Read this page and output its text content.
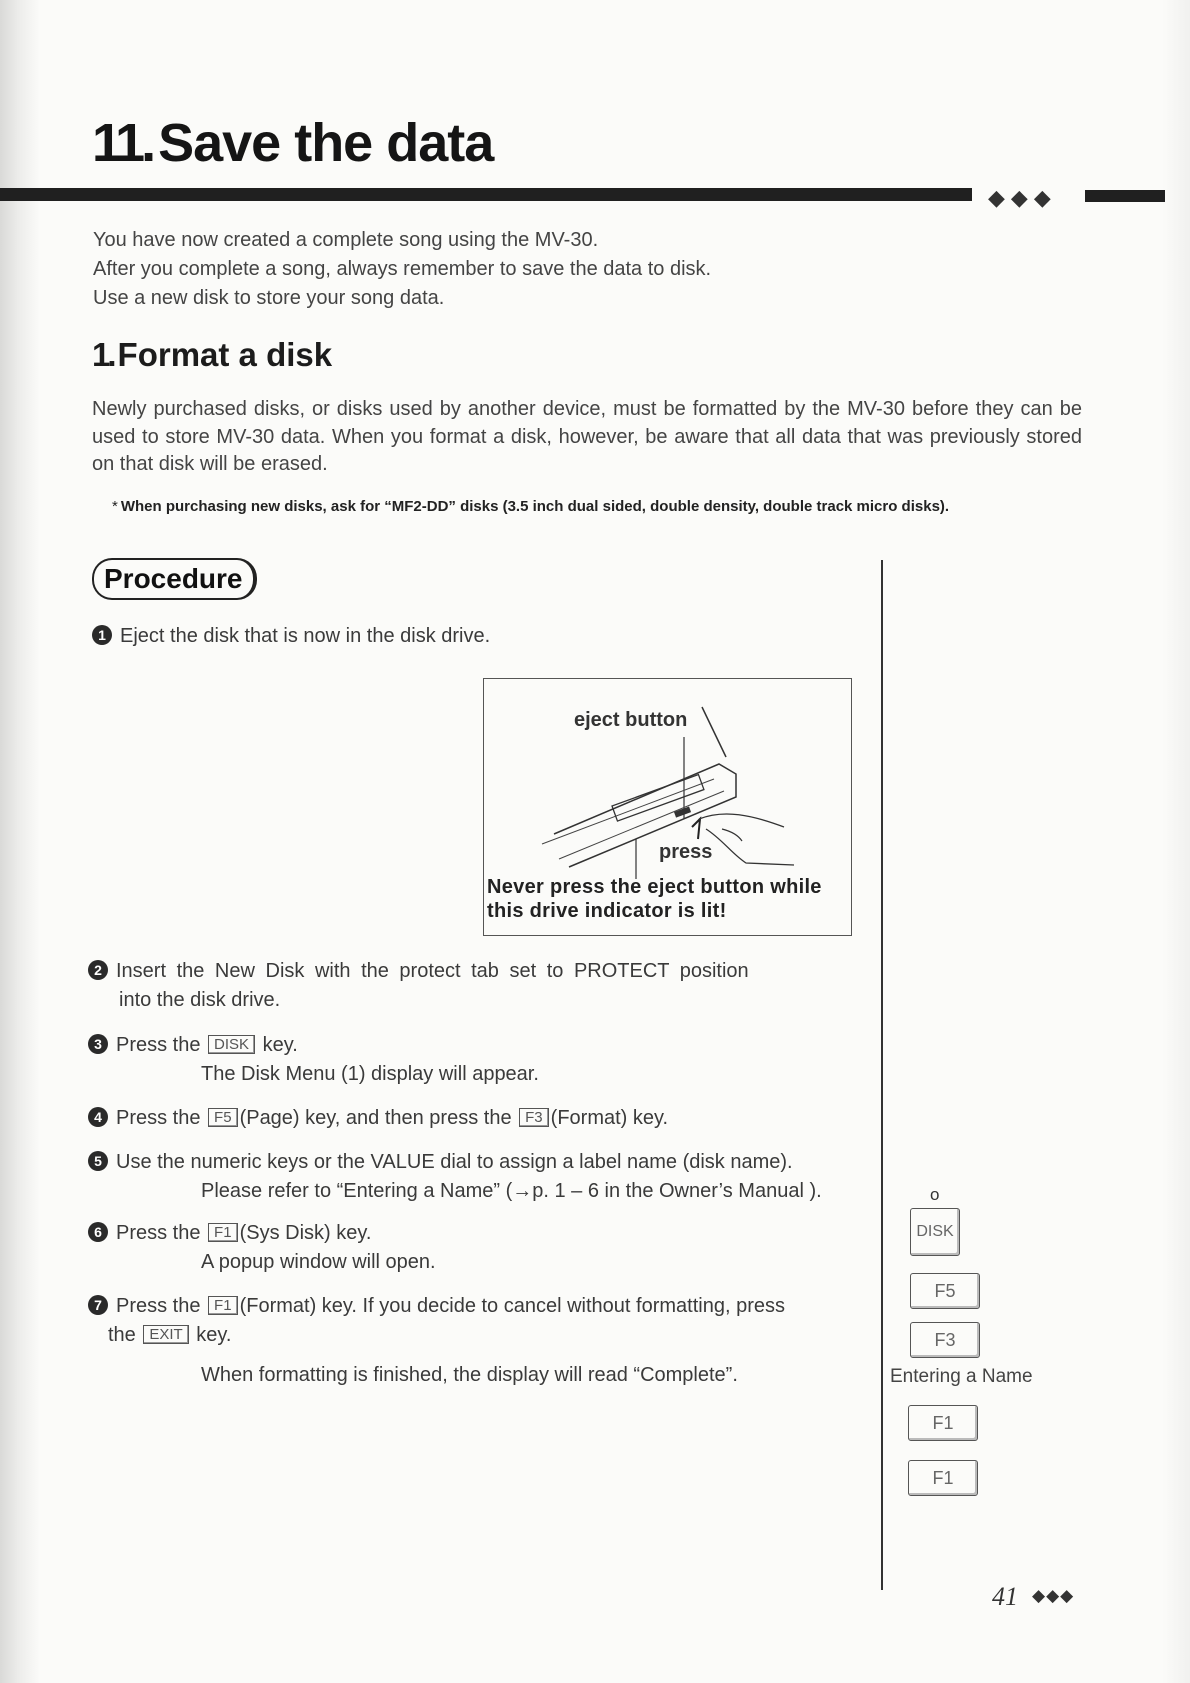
11. Save the data
◆◆◆

You have now created a complete song using the MV-30.

After you complete a song, always remember to save the data to disk.

Use a new disk to store your song data.

1. Format a disk

Newly purchased disks, or disks used by another device, must be formatted by the MV-30 before they can be used to store MV-30 data. When you format a disk, however, be aware that all data that was previously stored on that disk will be erased.

* When purchasing new disks, ask for “MF2-DD” disks (3.5 inch dual sided, double density, double track micro disks).

Procedure
1 Eject the disk that is now in the disk drive.
eject button
press

Never press the eject button while
this drive indicator is lit!

2 Insert the New Disk with the protect tab set to PROTECT position
into the disk drive.
3 Press the DISK key.
The Disk Menu (1) display will appear.
4 Press the F5 (Page) key, and then press the F3 (Format) key.
5 Use the numeric keys or the VALUE dial to assign a label name (disk name).
Please refer to “Entering a Name” (→p. 1 – 6 in the Owner’s Manual ).
6 Press the F1 (Sys Disk) key.
A popup window will open.
7 Press the F1 (Format) key. If you decide to cancel without formatting, press
the EXIT key.
When formatting is finished, the display will read “Complete”.
o
DISK
F5
F3
Entering a Name
F1
F1
41 ◆◆◆
